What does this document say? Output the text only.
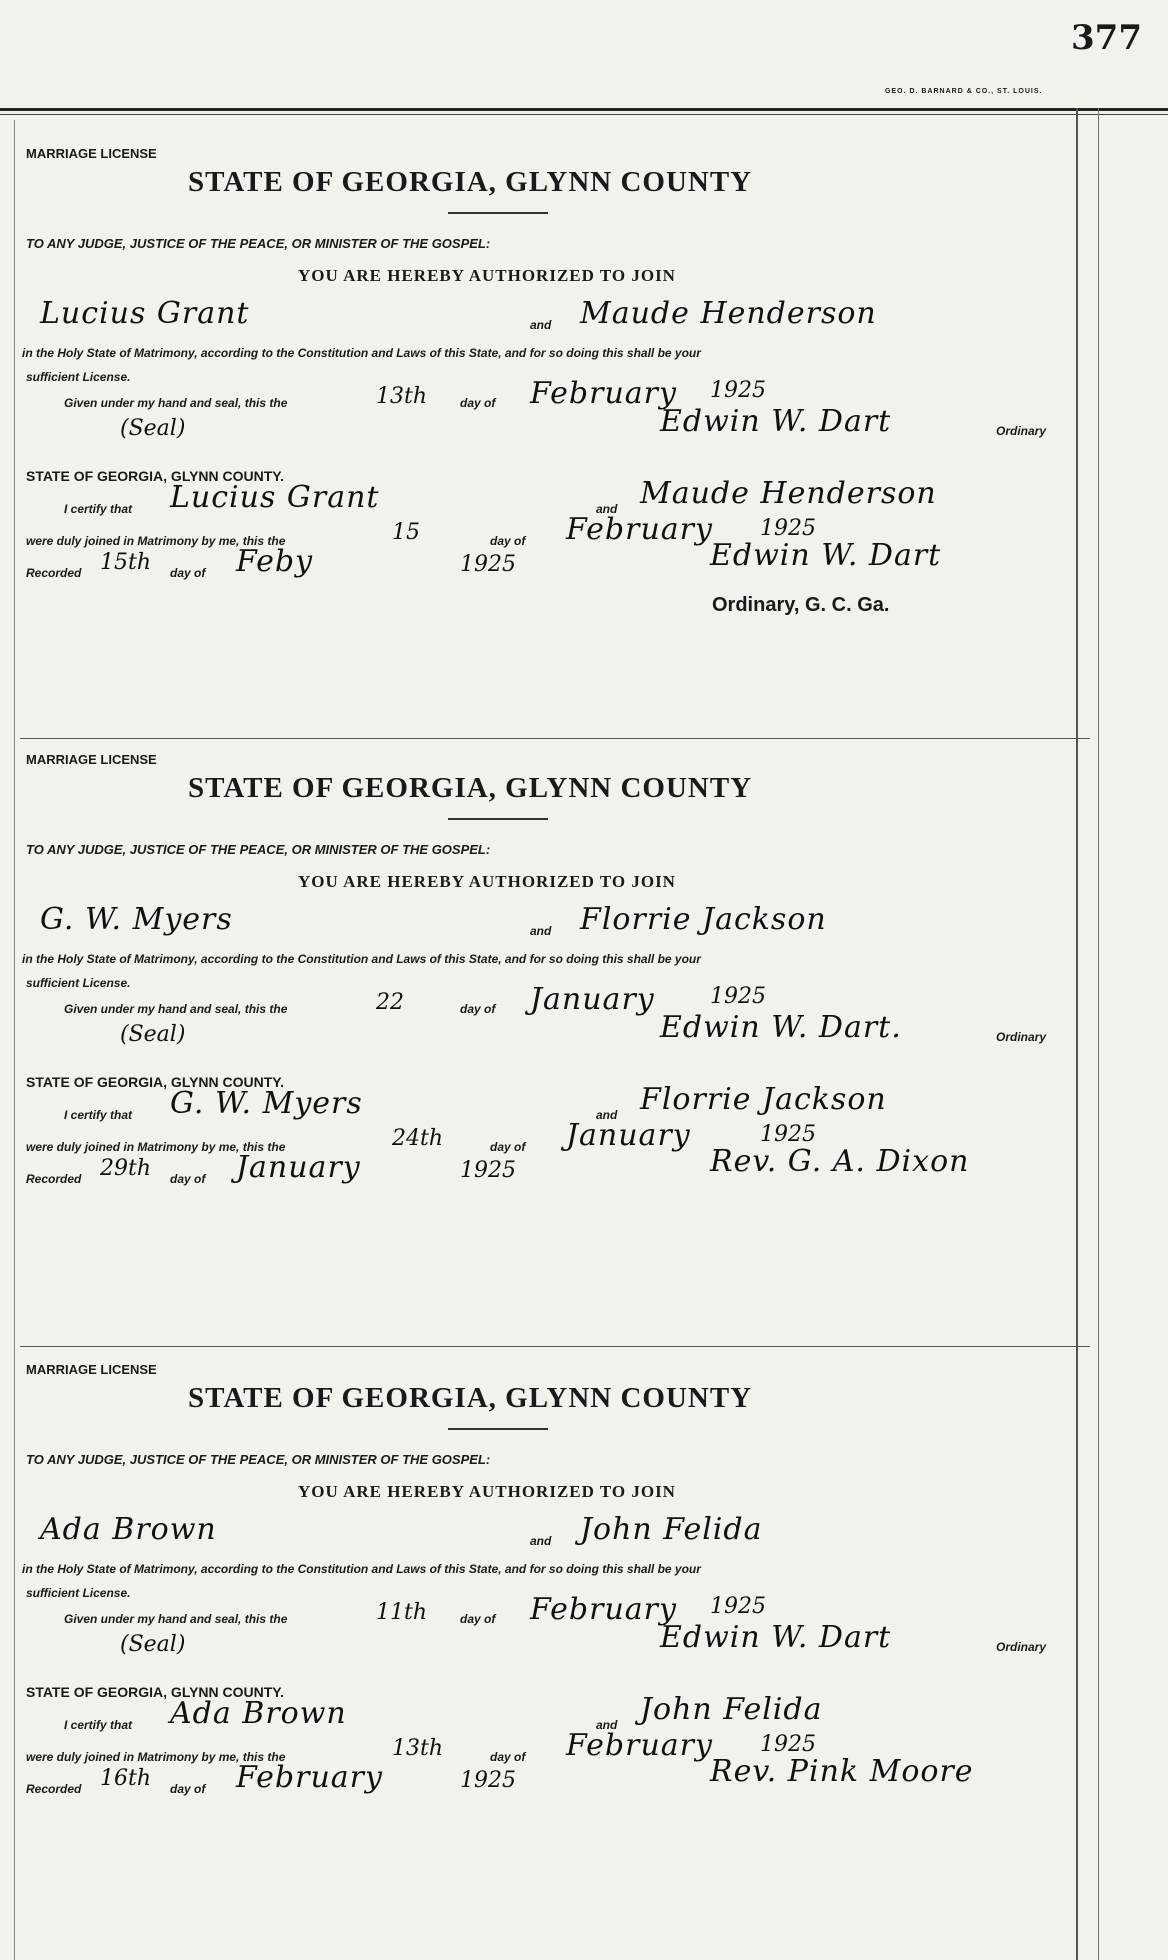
377
GEO. D. BARNARD & CO., ST. LOUIS.
MARRIAGE LICENSE
STATE OF GEORGIA, GLYNN COUNTY
TO ANY JUDGE, JUSTICE OF THE PEACE, OR MINISTER OF THE GOSPEL:
YOU ARE HEREBY AUTHORIZED TO JOIN
Lucius Grant	and Maude Henderson
in the Holy State of Matrimony, according to the Constitution and Laws of this State, and for so doing this shall be your
sufficient License.
Given under my hand and seal, this the	13th	day of February 1925
(Seal)	Edwin W. Dart	Ordinary
STATE OF GEORGIA, GLYNN COUNTY.
I certify that Lucius Grant	and Maude Henderson
were duly joined in Matrimony by me, this the	15	day of February 1925
Recorded 15th day of Feby	1925	Edwin W. Dart
Ordinary, G. C. Ga.
MARRIAGE LICENSE
STATE OF GEORGIA, GLYNN COUNTY
TO ANY JUDGE, JUSTICE OF THE PEACE, OR MINISTER OF THE GOSPEL:
YOU ARE HEREBY AUTHORIZED TO JOIN
G. W. Myers	and Florrie Jackson
in the Holy State of Matrimony, according to the Constitution and Laws of this State, and for so doing this shall be your
sufficient License.
Given under my hand and seal, this the	22	day of January	1925
(Seal)	Edwin W. Dart.	Ordinary
STATE OF GEORGIA, GLYNN COUNTY.
I certify that G. W. Myers	and Florrie Jackson
were duly joined in Matrimony by me, this the	24th	day of January	1925
Recorded 29th day of January	1925	Rev. G. A. Dixon
MARRIAGE LICENSE
STATE OF GEORGIA, GLYNN COUNTY
TO ANY JUDGE, JUSTICE OF THE PEACE, OR MINISTER OF THE GOSPEL:
YOU ARE HEREBY AUTHORIZED TO JOIN
Ada Brown	and John Felida
in the Holy State of Matrimony, according to the Constitution and Laws of this State, and for so doing this shall be your
sufficient License.
Given under my hand and seal, this the	11th	day of February 1925
(Seal)	Edwin W. Dart	Ordinary
STATE OF GEORGIA, GLYNN COUNTY.
I certify that Ada Brown	and John Felida
were duly joined in Matrimony by me, this the	13th	day of February 1925
Recorded 16th day of February	1925	Rev. Pink Moore
